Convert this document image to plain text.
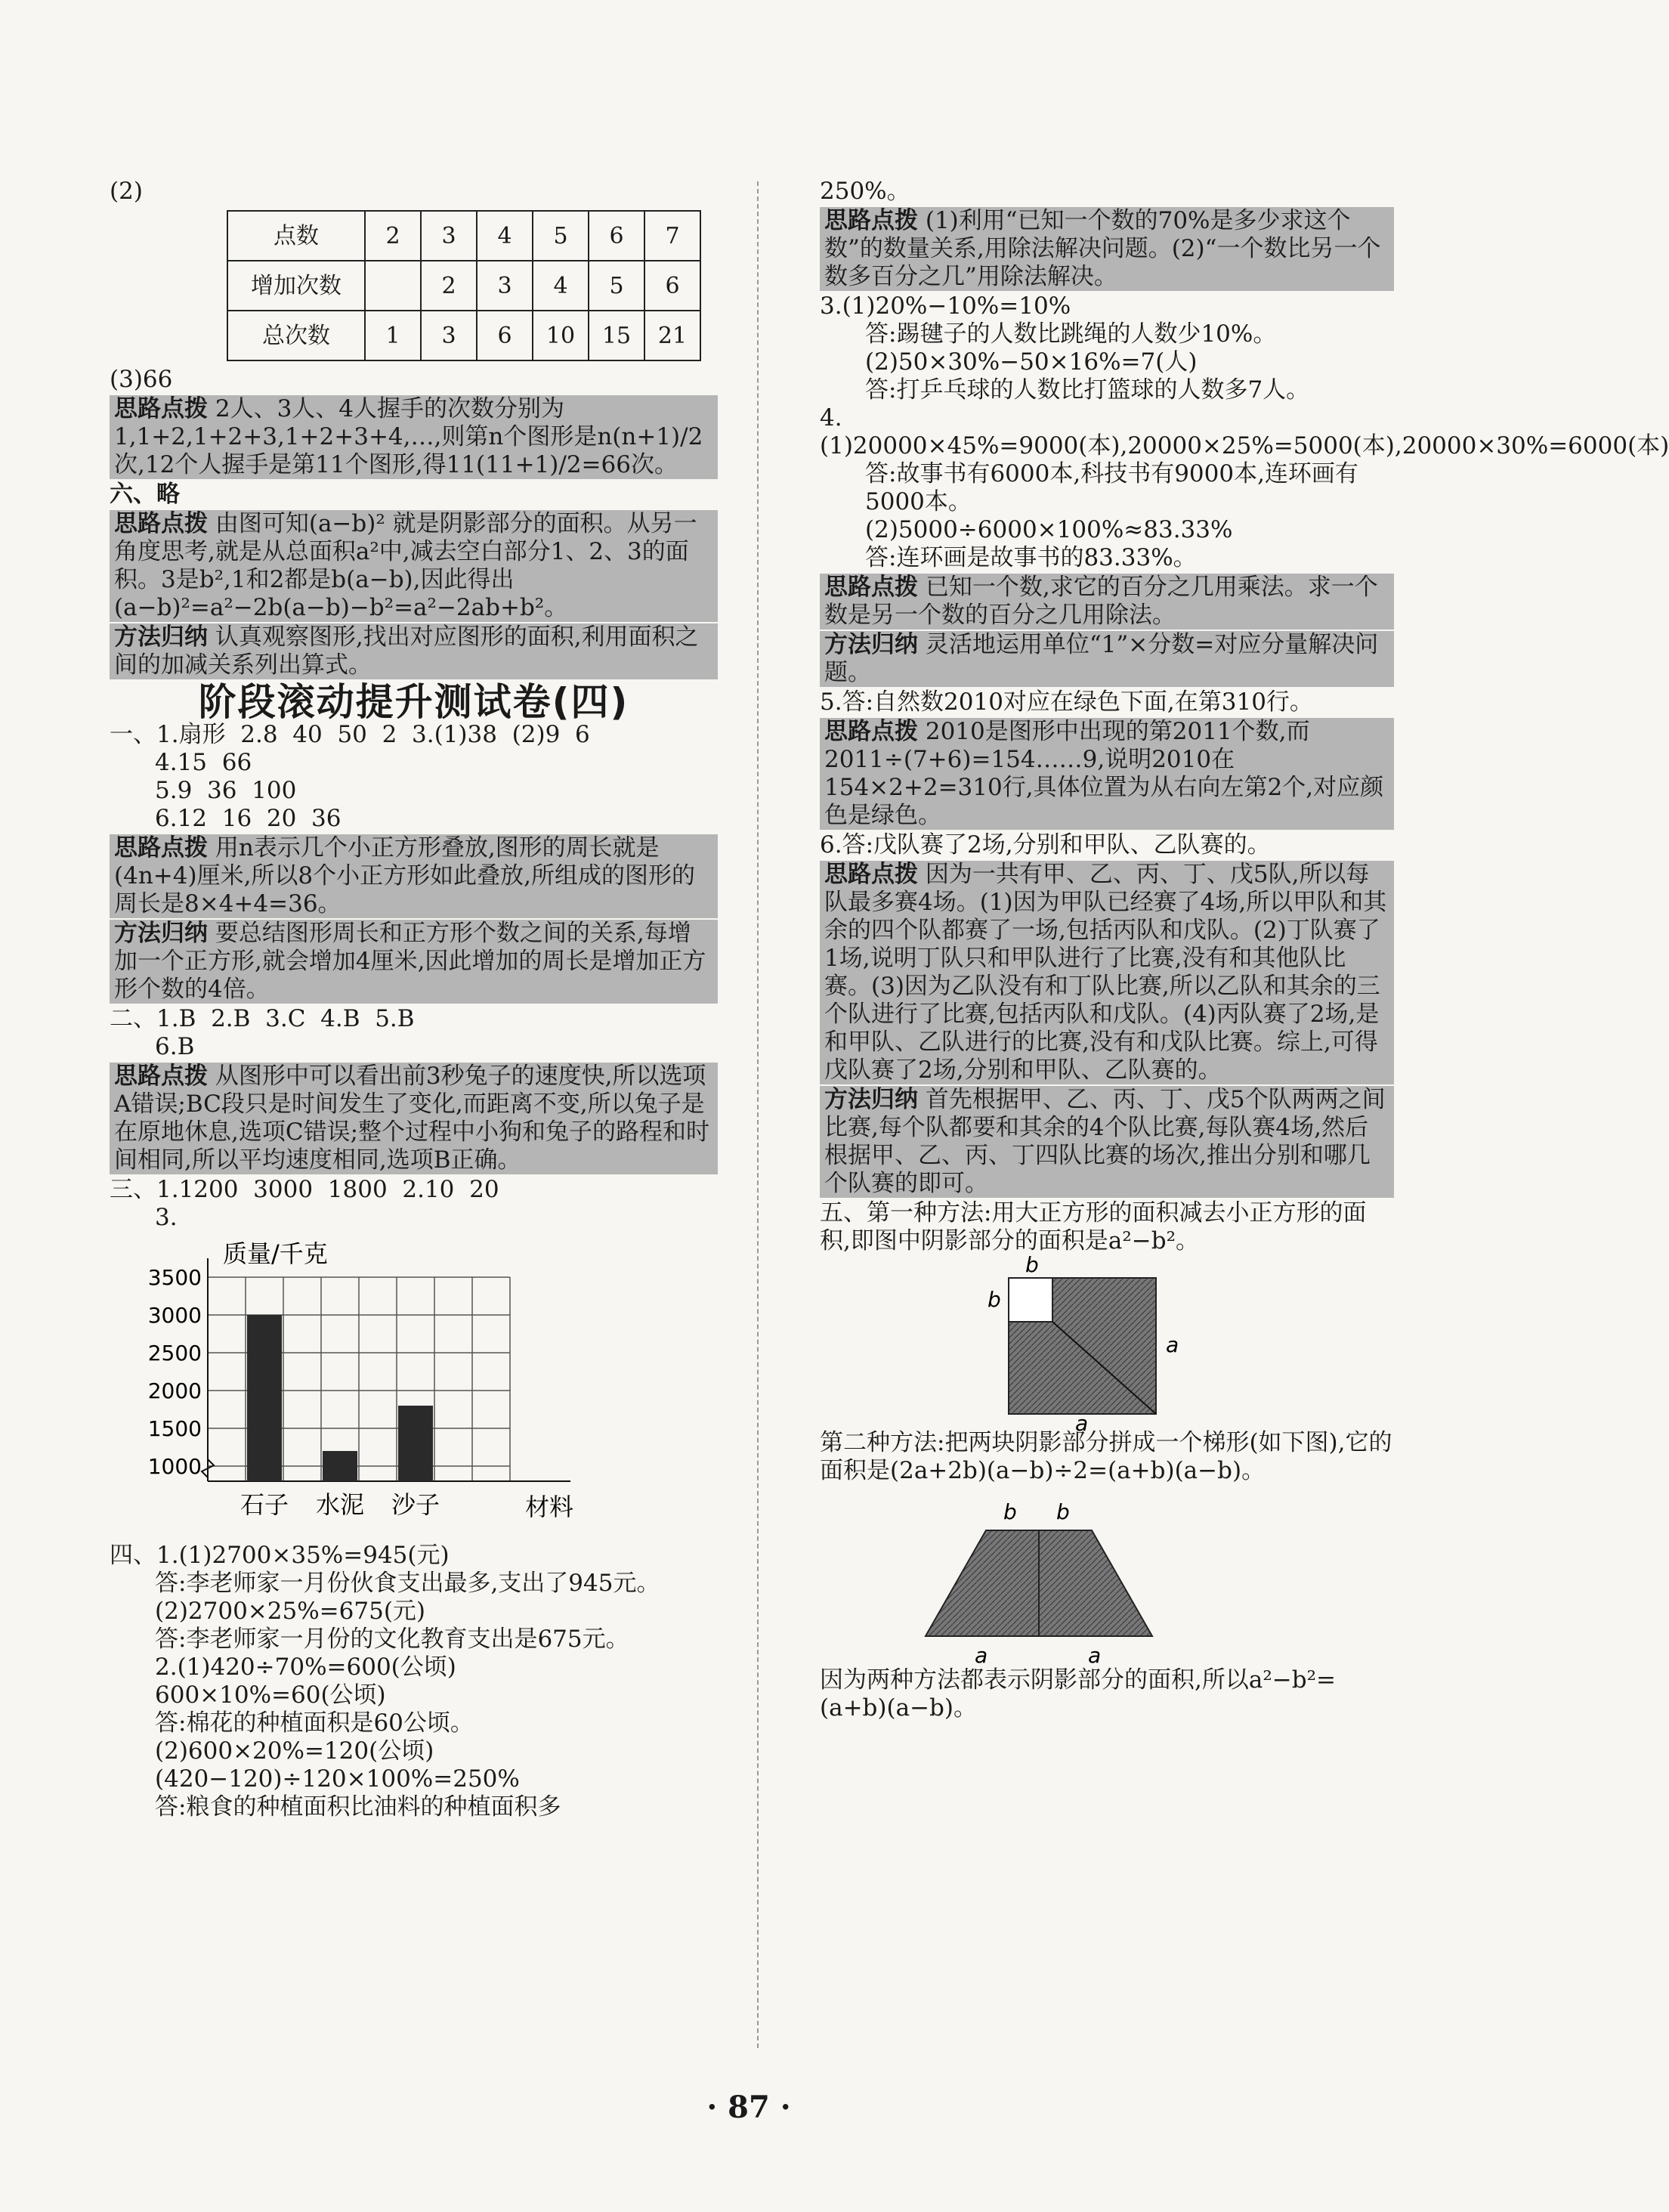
(2)
点数	2	3	4	5	6	7
增加次数		2	3	4	5	6
总次数	1	3	6	10	15	21
(3)66
思路点拨 2人、3人、4人握手的次数分别为1,1+2,1+2+3,1+2+3+4,…,则第n个图形是n(n+1)/2次,12个人握手是第11个图形,得11(11+1)/2=66次。
六、略
思路点拨 由图可知(a−b)² 就是阴影部分的面积。从另一角度思考,就是从总面积a²中,减去空白部分1、2、3的面积。3是b²,1和2都是b(a−b),因此得出(a−b)²=a²−2b(a−b)−b²=a²−2ab+b²。
方法归纳 认真观察图形,找出对应图形的面积,利用面积之间的加减关系列出算式。
阶段滚动提升测试卷(四)
一、1.扇形  2.8  40  50  2  3.(1)38  (2)9  6
4.15  66
5.9  36  100
6.12  16  20  36
思路点拨 用n表示几个小正方形叠放,图形的周长就是(4n+4)厘米,所以8个小正方形如此叠放,所组成的图形的周长是8×4+4=36。
方法归纳 要总结图形周长和正方形个数之间的关系,每增加一个正方形,就会增加4厘米,因此增加的周长是增加正方形个数的4倍。
二、1.B  2.B  3.C  4.B  5.B
6.B
思路点拨 从图形中可以看出前3秒兔子的速度快,所以选项A错误;BC段只是时间发生了变化,而距离不变,所以兔子是在原地休息,选项C错误;整个过程中小狗和兔子的路程和时间相同,所以平均速度相同,选项B正确。
三、1.1200  3000  1800  2.10  20
3.
1000
1500
2000
2500
3000
3500
质量/千克
材料
石子 水泥 沙子
四、1.(1)2700×35%=945(元)
答:李老师家一月份伙食支出最多,支出了945元。
(2)2700×25%=675(元)
答:李老师家一月份的文化教育支出是675元。
2.(1)420÷70%=600(公顷)
600×10%=60(公顷)
答:棉花的种植面积是60公顷。
(2)600×20%=120(公顷)
(420−120)÷120×100%=250%
答:粮食的种植面积比油料的种植面积多
250%。
思路点拨 (1)利用“已知一个数的70%是多少求这个数”的数量关系,用除法解决问题。(2)“一个数比另一个数多百分之几”用除法解决。
3.(1)20%−10%=10%
答:踢毽子的人数比跳绳的人数少10%。
(2)50×30%−50×16%=7(人)
答:打乒乓球的人数比打篮球的人数多7人。
4.(1)20000×45%=9000(本),20000×25%=5000(本),20000×30%=6000(本)
答:故事书有6000本,科技书有9000本,连环画有5000本。
(2)5000÷6000×100%≈83.33%
答:连环画是故事书的83.33%。
思路点拨 已知一个数,求它的百分之几用乘法。求一个数是另一个数的百分之几用除法。
方法归纳 灵活地运用单位“1”×分数=对应分量解决问题。
5.答:自然数2010对应在绿色下面,在第310行。
思路点拨 2010是图形中出现的第2011个数,而2011÷(7+6)=154……9,说明2010在154×2+2=310行,具体位置为从右向左第2个,对应颜色是绿色。
6.答:戊队赛了2场,分别和甲队、乙队赛的。
思路点拨 因为一共有甲、乙、丙、丁、戊5队,所以每队最多赛4场。(1)因为甲队已经赛了4场,所以甲队和其余的四个队都赛了一场,包括丙队和戊队。(2)丁队赛了1场,说明丁队只和甲队进行了比赛,没有和其他队比赛。(3)因为乙队没有和丁队比赛,所以乙队和其余的三个队进行了比赛,包括丙队和戊队。(4)丙队赛了2场,是和甲队、乙队进行的比赛,没有和戊队比赛。综上,可得戊队赛了2场,分别和甲队、乙队赛的。
方法归纳 首先根据甲、乙、丙、丁、戊5个队两两之间比赛,每个队都要和其余的4个队比赛,每队赛4场,然后根据甲、乙、丙、丁四队比赛的场次,推出分别和哪几个队赛的即可。
五、第一种方法:用大正方形的面积减去小正方形的面积,即图中阴影部分的面积是a²−b²。
b
b
a
a
第二种方法:把两块阴影部分拼成一个梯形(如下图),它的面积是(2a+2b)(a−b)÷2=(a+b)(a−b)。
b b
a	a
因为两种方法都表示阴影部分的面积,所以a²−b²=(a+b)(a−b)。
· 87 ·
